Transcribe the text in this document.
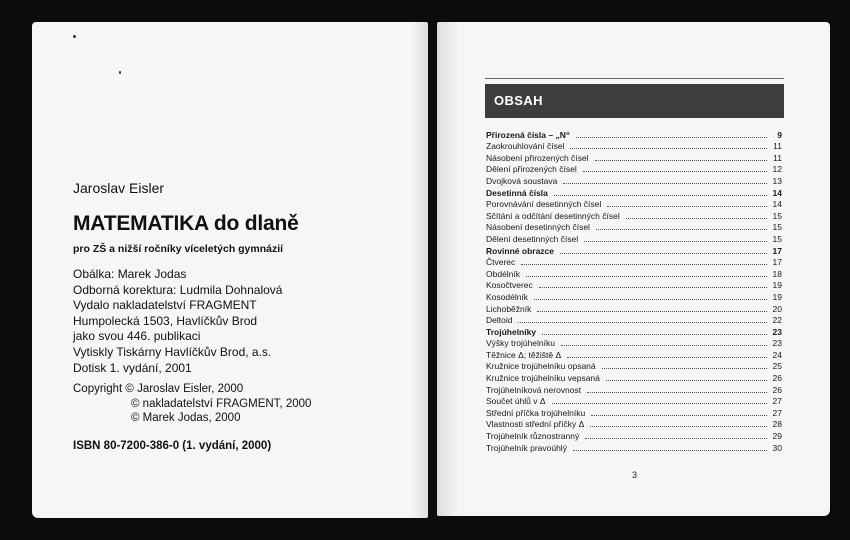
Jaroslav Eisler
MATEMATIKA do dlaně
pro ZŠ a nižší ročníky víceletých gymnázií
Obálka: Marek Jodas
Odborná korektura: Ludmila Dohnalová
Vydalo nakladatelství FRAGMENT
Humpolecká 1503, Havlíčkův Brod
jako svou 446. publikaci
Vytiskly Tiskárny Havlíčkův Brod, a.s.
Dotisk 1. vydání, 2001
Copyright © Jaroslav Eisler, 2000
© nakladatelství FRAGMENT, 2000
© Marek Jodas, 2000
ISBN 80-7200-386-0 (1. vydání, 2000)
OBSAH
Přirozená čísla – „N“	9
Zaokrouhlování čísel	11
Násobení přirozených čísel	11
Dělení přirozených čísel	12
Dvojková soustava	13
Desetinná čísla	14
Porovnávání desetinných čísel	14
Sčítání a odčítání desetinných čísel	15
Násobení desetinných čísel	15
Dělení desetinných čísel	15
Rovinné obrazce	17
Čtverec	17
Obdélník	18
Kosočtverec	19
Kosodélník	19
Lichoběžník	20
Deltoid	22
Trojúhelníky	23
Výšky trojúhelníku	23
Těžnice Δ; těžiště Δ	24
Kružnice trojúhelníku opsaná	25
Kružnice trojúhelníku vepsaná	26
Trojúhelníková nerovnost	26
Součet úhlů v Δ	27
Střední příčka trojúhelníku	27
Vlastnosti střední příčky Δ	28
Trojúhelník různostranný	29
Trojúhelník pravoúhlý	30
3
